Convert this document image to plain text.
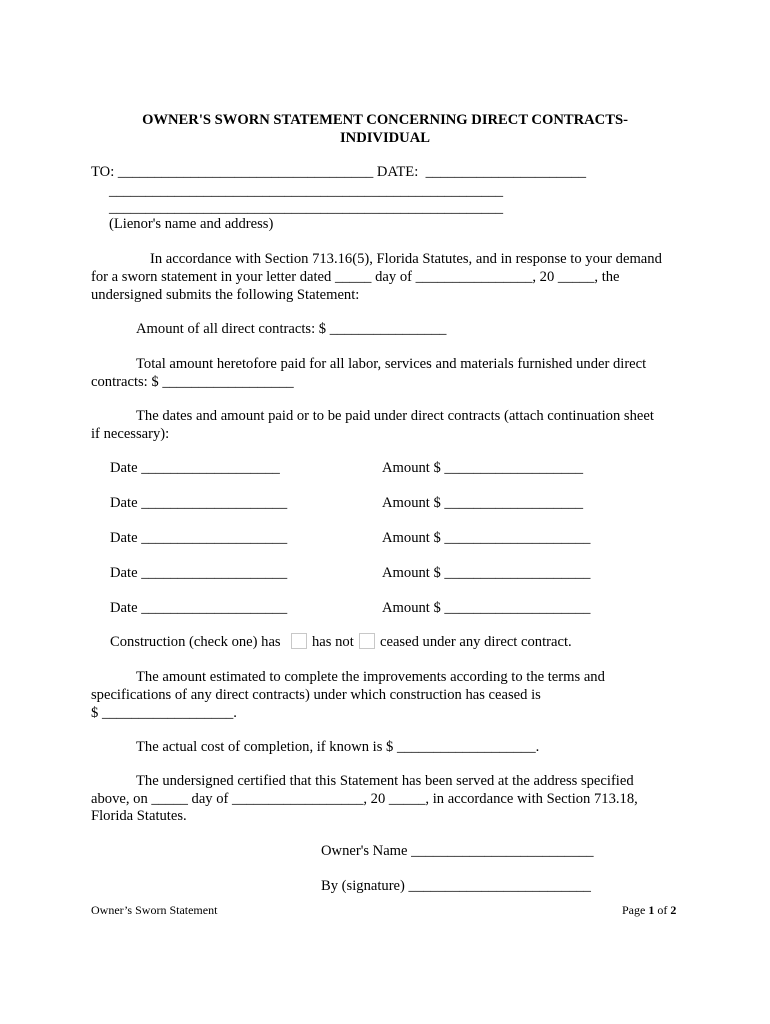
OWNER'S SWORN STATEMENT CONCERNING DIRECT CONTRACTS-
INDIVIDUAL
TO: ___________________________________ DATE:  ______________________
______________________________________________________
______________________________________________________
(Lienor's name and address)
In accordance with Section 713.16(5), Florida Statutes, and in response to your demand
for a sworn statement in your letter dated _____ day of ________________, 20 _____, the
undersigned submits the following Statement:
Amount of all direct contracts: $ ________________
Total amount heretofore paid for all labor, services and materials furnished under direct
contracts: $ __________________
The dates and amount paid or to be paid under direct contracts (attach continuation sheet
if necessary):
Date ___________________	Amount $ ___________________
Date ____________________	Amount $ ___________________
Date ____________________	Amount $ ____________________
Date ____________________	Amount $ ____________________
Date ____________________	Amount $ ____________________
Construction (check one) has has not ceased under any direct contract.
The amount estimated to complete the improvements according to the terms and
specifications of any direct contracts) under which construction has ceased is
$ __________________.
The actual cost of completion, if known is $ ___________________.
The undersigned certified that this Statement has been served at the address specified
above, on _____ day of __________________, 20 _____, in accordance with Section 713.18,
Florida Statutes.
Owner's Name _________________________
By (signature) _________________________
Owner’s Sworn Statement	Page 1 of 2
